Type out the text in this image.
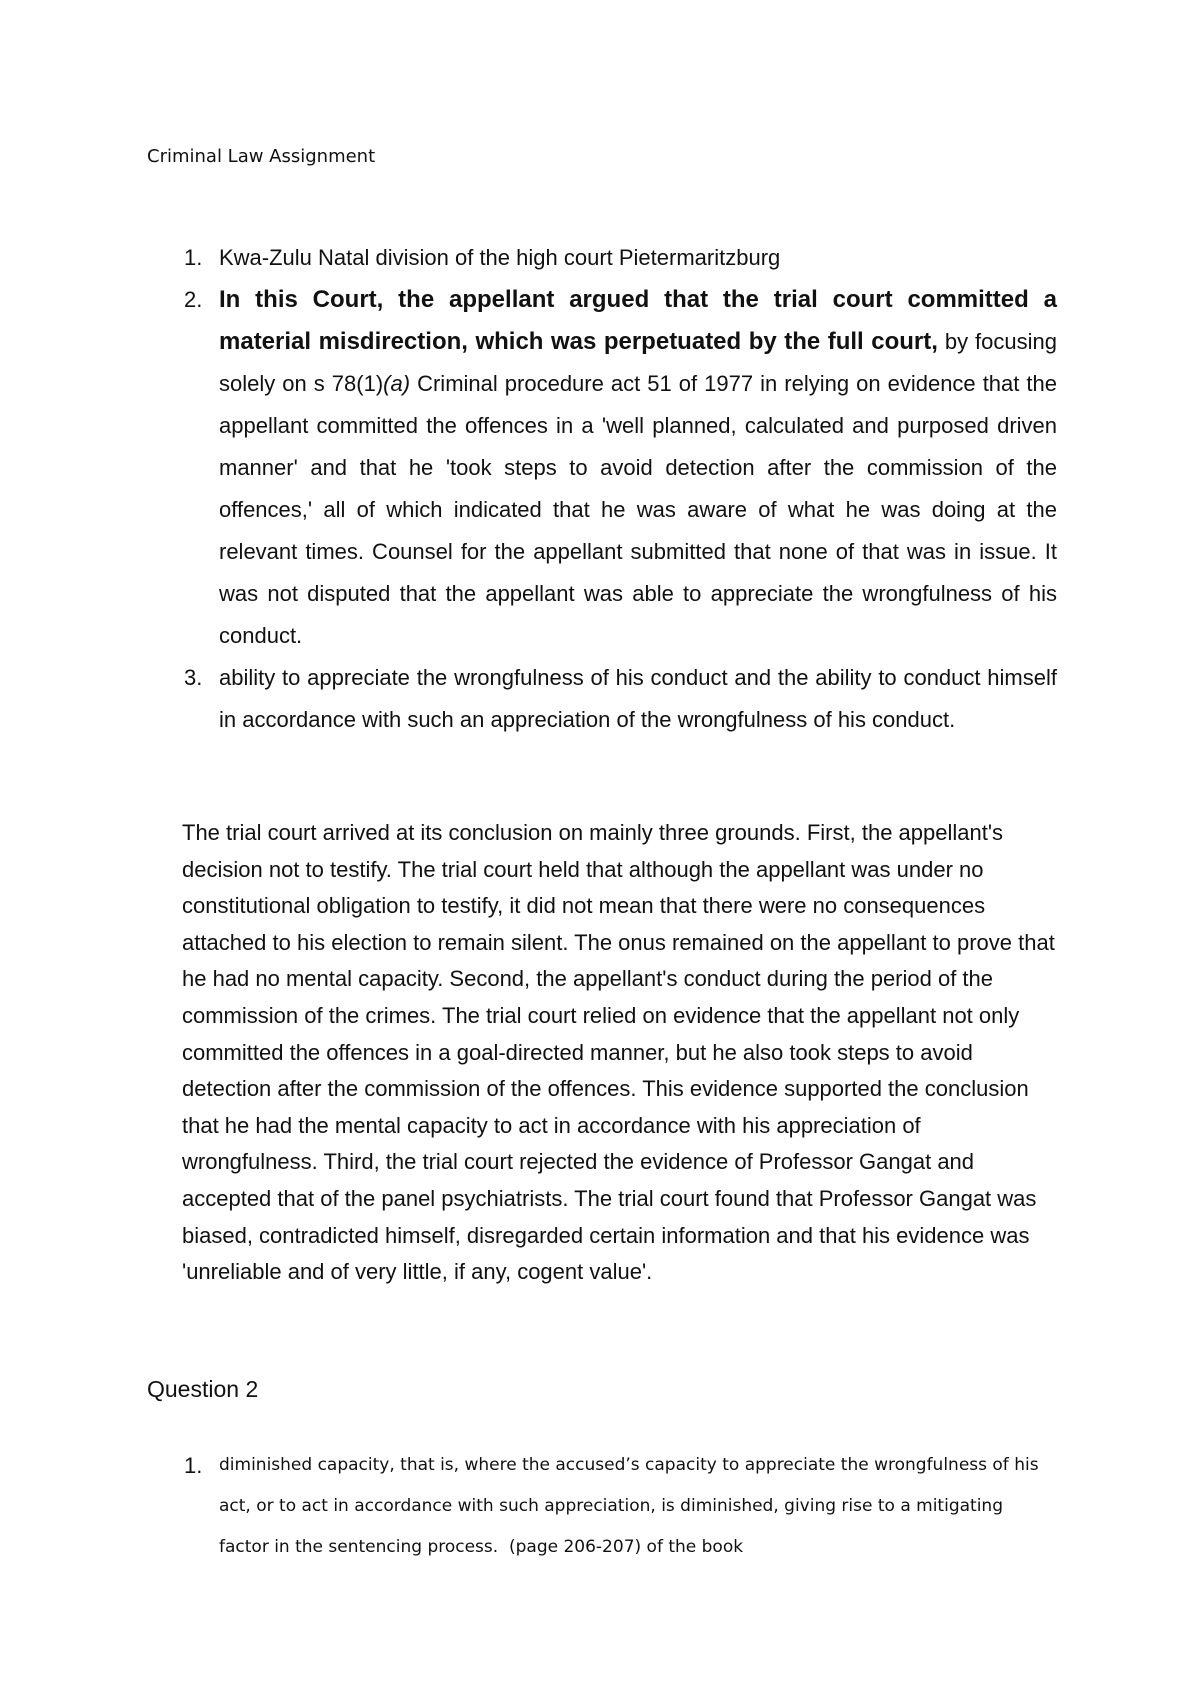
Criminal Law Assignment
1. Kwa-Zulu Natal division of the high court Pietermaritzburg
2. In this Court, the appellant argued that the trial court committed a material misdirection, which was perpetuated by the full court, by focusing solely on s 78(1)(a) Criminal procedure act 51 of 1977 in relying on evidence that the appellant committed the offences in a 'well planned, calculated and purposed driven manner' and that he 'took steps to avoid detection after the commission of the offences,' all of which indicated that he was aware of what he was doing at the relevant times. Counsel for the appellant submitted that none of that was in issue. It was not disputed that the appellant was able to appreciate the wrongfulness of his conduct.
3. ability to appreciate the wrongfulness of his conduct and the ability to conduct himself in accordance with such an appreciation of the wrongfulness of his conduct.
The trial court arrived at its conclusion on mainly three grounds. First, the appellant's decision not to testify. The trial court held that although the appellant was under no constitutional obligation to testify, it did not mean that there were no consequences attached to his election to remain silent. The onus remained on the appellant to prove that he had no mental capacity. Second, the appellant's conduct during the period of the commission of the crimes. The trial court relied on evidence that the appellant not only committed the offences in a goal-directed manner, but he also took steps to avoid detection after the commission of the offences. This evidence supported the conclusion that he had the mental capacity to act in accordance with his appreciation of wrongfulness. Third, the trial court rejected the evidence of Professor Gangat and accepted that of the panel psychiatrists. The trial court found that Professor Gangat was biased, contradicted himself, disregarded certain information and that his evidence was 'unreliable and of very little, if any, cogent value'.
Question 2
1. diminished capacity, that is, where the accused’s capacity to appreciate the wrongfulness of his act, or to act in accordance with such appreciation, is diminished, giving rise to a mitigating factor in the sentencing process. (page 206-207) of the book
